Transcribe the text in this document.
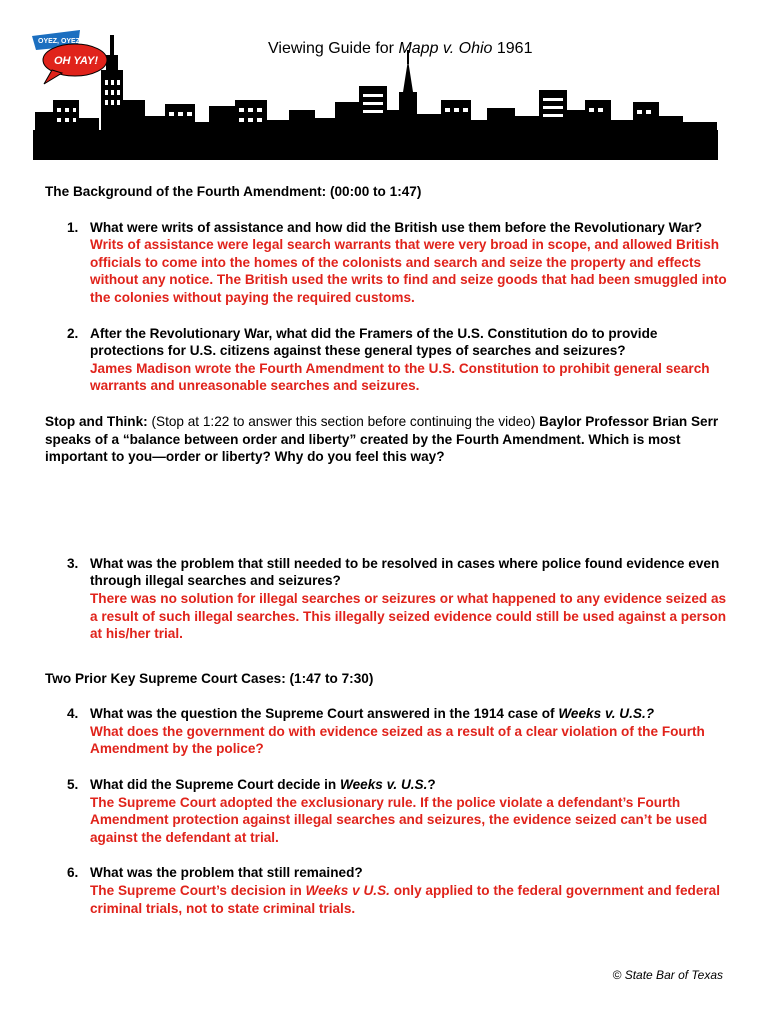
OYEZ, OYEZ
OH YAY!
Viewing Guide for Mapp v. Ohio 1961

The Background of the Fourth Amendment: (00:00 to 1:47)

1. What were writs of assistance and how did the British use them before the Revolutionary War?
Writs of assistance were legal search warrants that were very broad in scope, and allowed British officials to come into the homes of the colonists and search and seize the property and effects without any notice. The British used the writs to find and seize goods that had been smuggled into the colonies without paying the required customs.
2. After the Revolutionary War, what did the Framers of the U.S. Constitution do to provide protections for U.S. citizens against these general types of searches and seizures?
James Madison wrote the Fourth Amendment to the U.S. Constitution to prohibit general search warrants and unreasonable searches and seizures.

Stop and Think: (Stop at 1:22 to answer this section before continuing the video) Baylor Professor Brian Serr speaks of a “balance between order and liberty” created by the Fourth Amendment. Which is most important to you—order or liberty? Why do you feel this way?

3. What was the problem that still needed to be resolved in cases where police found evidence even through illegal searches and seizures?
There was no solution for illegal searches or seizures or what happened to any evidence seized as a result of such illegal searches. This illegally seized evidence could still be used against a person at his/her trial.

Two Prior Key Supreme Court Cases: (1:47 to 7:30)

4. What was the question the Supreme Court answered in the 1914 case of Weeks v. U.S.?
What does the government do with evidence seized as a result of a clear violation of the Fourth Amendment by the police?
5. What did the Supreme Court decide in Weeks v. U.S.?
The Supreme Court adopted the exclusionary rule. If the police violate a defendant’s Fourth Amendment protection against illegal searches and seizures, the evidence seized can’t be used against the defendant at trial.
6. What was the problem that still remained?
The Supreme Court’s decision in Weeks v U.S. only applied to the federal government and federal criminal trials, not to state criminal trials.
© State Bar of Texas
